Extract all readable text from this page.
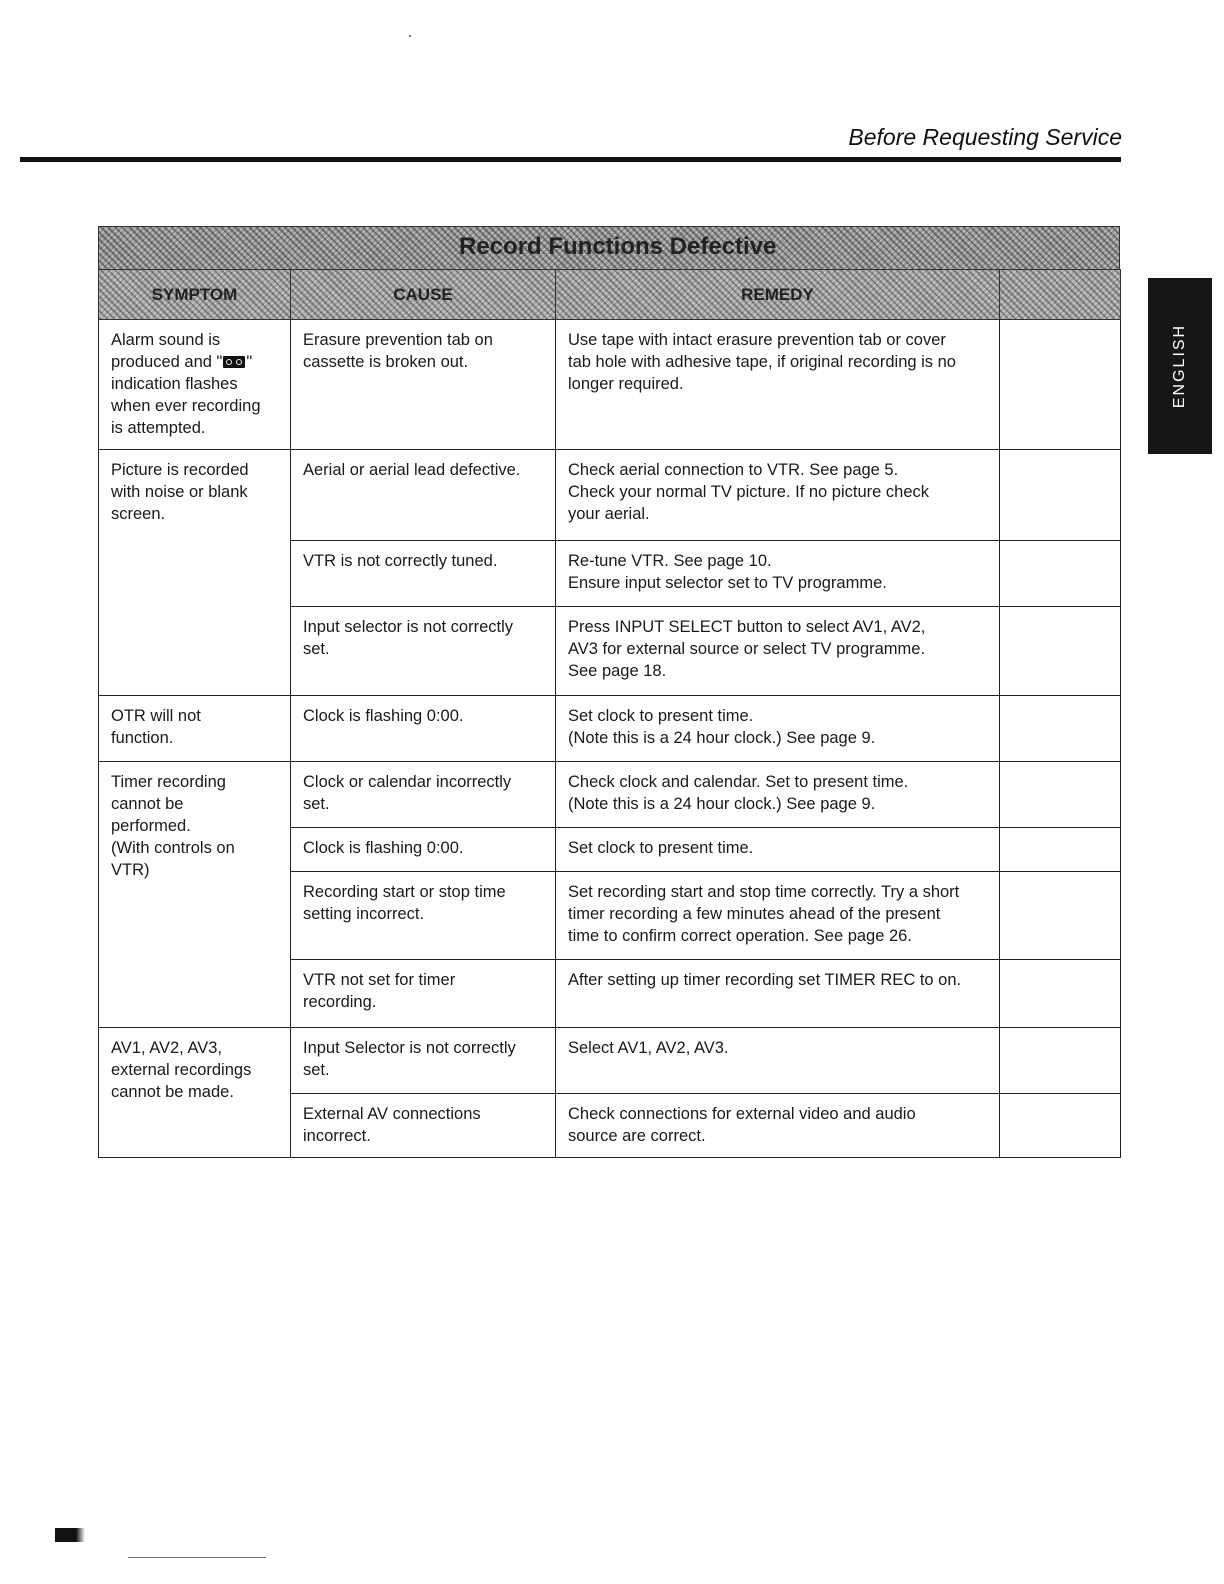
Before Requesting Service
ENGLISH
Record Functions Defective
SYMPTOM	CAUSE	REMEDY	

Alarm sound is
produced and " "
indication flashes
when ever recording
is attempted.	Erasure prevention tab on
cassette is broken out.	Use tape with intact erasure prevention tab or cover
tab hole with adhesive tape, if original recording is no
longer required.	

Picture is recorded
with noise or blank
screen.	Aerial or aerial lead defective.	Check aerial connection to VTR. See page 5.
Check your normal TV picture. If no picture check
your aerial.	

	VTR is not correctly tuned.	Re-tune VTR. See page 10.
Ensure input selector set to TV programme.	

	Input selector is not correctly
set.	Press INPUT SELECT button to select AV1, AV2,
AV3 for external source or select TV programme.
See page 18.	

OTR will not
function.	Clock is flashing 0:00.	Set clock to present time.
(Note this is a 24 hour clock.) See page 9.	

Timer recording
cannot be
performed.
(With controls on
VTR)	Clock or calendar incorrectly
set.	Check clock and calendar. Set to present time.
(Note this is a 24 hour clock.) See page 9.	

	Clock is flashing 0:00.	Set clock to present time.	

	Recording start or stop time
setting incorrect.	Set recording start and stop time correctly. Try a short
timer recording a few minutes ahead of the present
time to confirm correct operation. See page 26.	

	VTR not set for timer
recording.	After setting up timer recording set TIMER REC to on.	

AV1, AV2, AV3,
external recordings
cannot be made.	Input Selector is not correctly
set.	Select AV1, AV2, AV3.	

	External AV connections
incorrect.	Check connections for external video and audio
source are correct.	
